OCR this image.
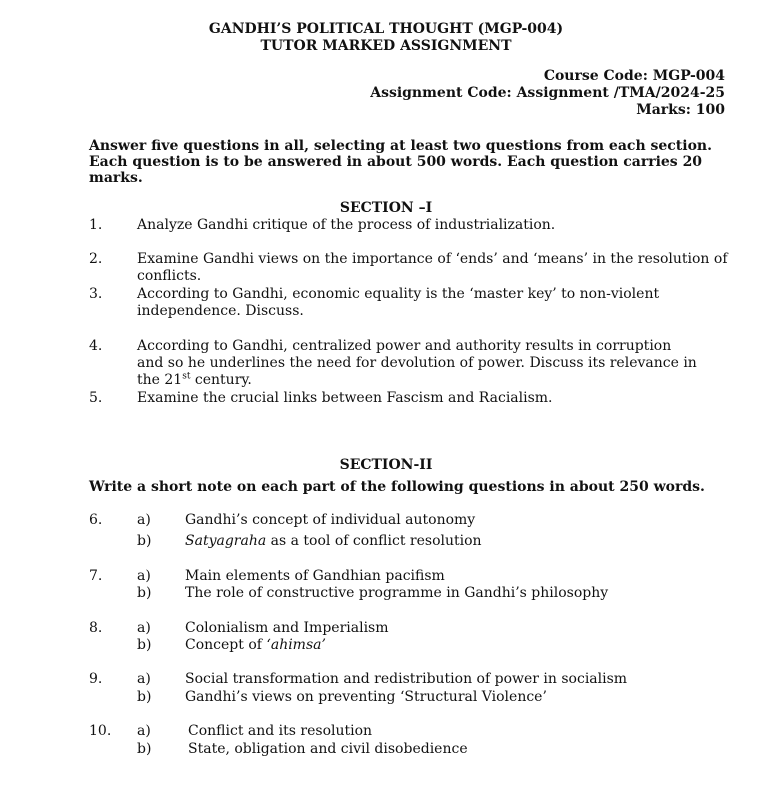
GANDHI’S POLITICAL THOUGHT (MGP-004)
TUTOR MARKED ASSIGNMENT
Course Code: MGP-004
Assignment Code: Assignment /TMA/2024-25
Marks: 100
Answer five questions in all, selecting at least two questions from each section. Each question is to be answered in about 500 words. Each question carries 20 marks.
SECTION –I
1. Analyze Gandhi critique of the process of industrialization.
2. Examine Gandhi views on the importance of ‘ends’ and ‘means’ in the resolution of conflicts.
3. According to Gandhi, economic equality is the ‘master key’ to non-violent independence. Discuss.
4. According to Gandhi, centralized power and authority results in corruption and so he underlines the need for devolution of power. Discuss its relevance in the 21st century.
5. Examine the crucial links between Fascism and Racialism.
SECTION-II
Write a short note on each part of the following questions in about 250 words.
6. a) Gandhi’s concept of individual autonomy
b) Satyagraha as a tool of conflict resolution
7. a) Main elements of Gandhian pacifism
b) The role of constructive programme in Gandhi’s philosophy
8. a) Colonialism and Imperialism
b) Concept of ‘ahimsa’
9. a) Social transformation and redistribution of power in socialism
b) Gandhi’s views on preventing ‘Structural Violence’
10. a)	Conflict and its resolution
b)	State, obligation and civil disobedience
